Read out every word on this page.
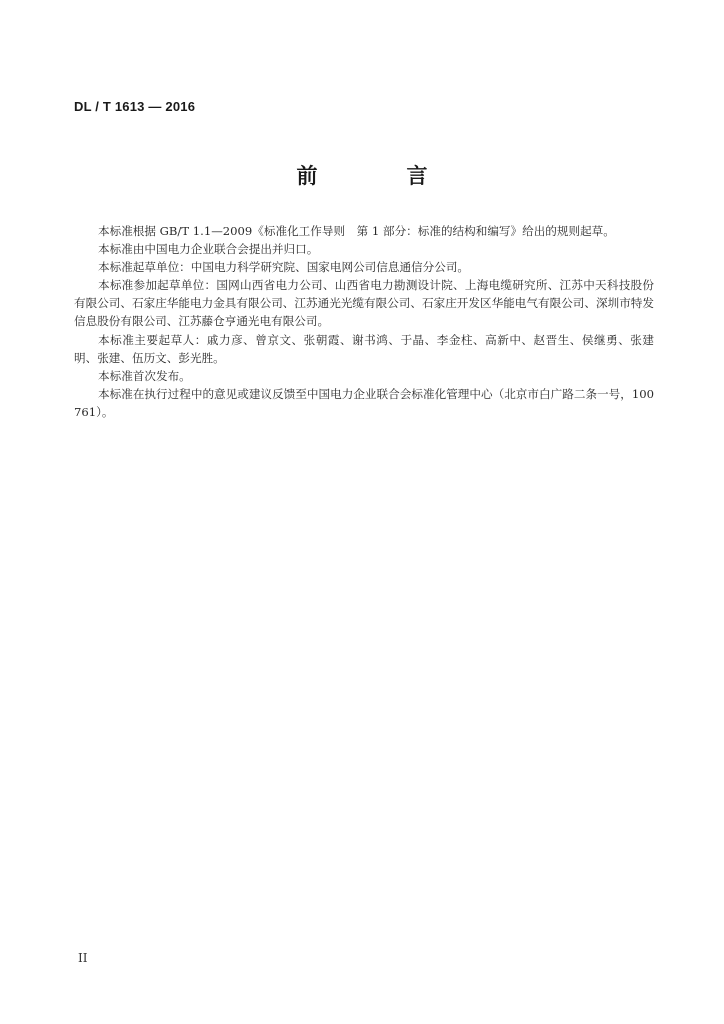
DL / T 1613 — 2016
前　言

本标准根据 GB/T 1.1—2009《标准化工作导则　第 1 部分：标准的结构和编写》给出的规则起草。

本标准由中国电力企业联合会提出并归口。

本标准起草单位：中国电力科学研究院、国家电网公司信息通信分公司。

本标准参加起草单位：国网山西省电力公司、山西省电力勘测设计院、上海电缆研究所、江苏中天科技股份有限公司、石家庄华能电力金具有限公司、江苏通光光缆有限公司、石家庄开发区华能电气有限公司、深圳市特发信息股份有限公司、江苏藤仓亨通光电有限公司。

本标准主要起草人：戚力彦、曾京文、张朝霞、谢书鸿、于晶、李金柱、高新中、赵晋生、侯继勇、张建明、张建、伍历文、彭光胜。

本标准首次发布。

本标准在执行过程中的意见或建议反馈至中国电力企业联合会标准化管理中心（北京市白广路二条一号，100761）。

II
